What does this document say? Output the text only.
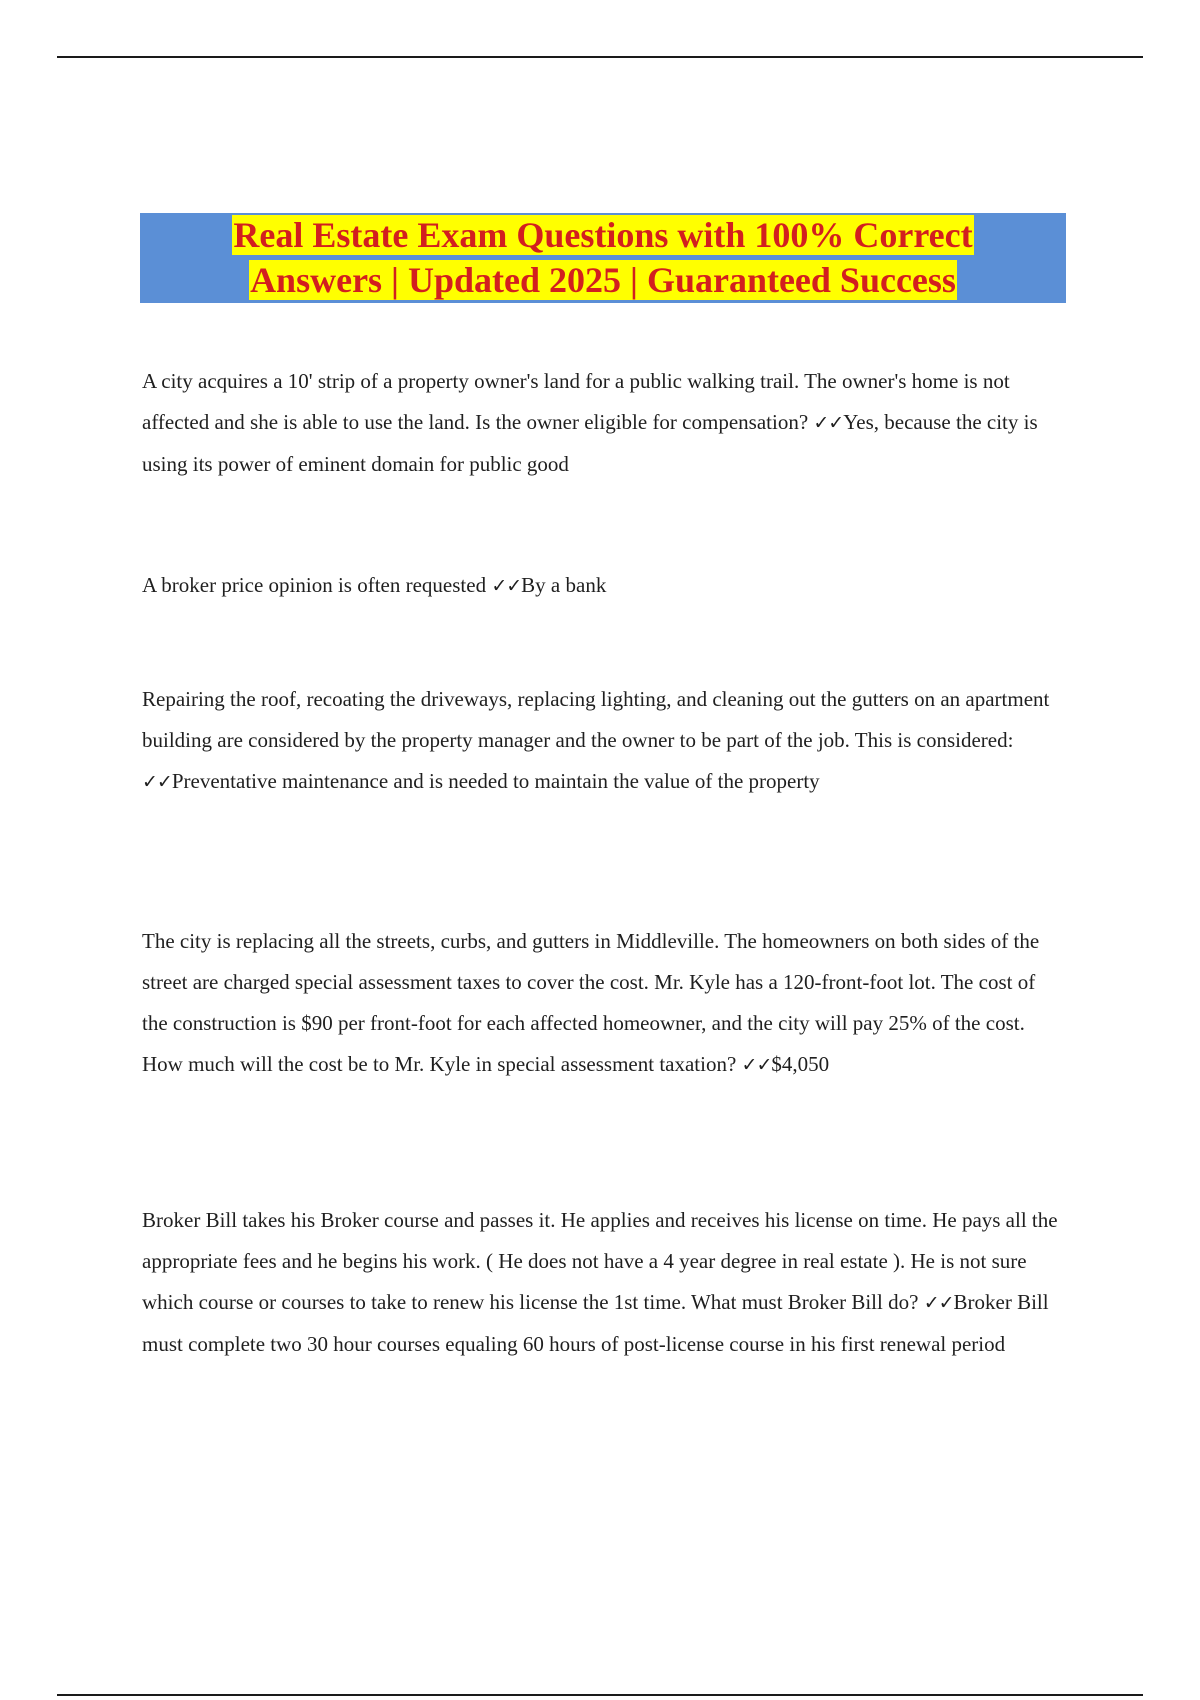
Real Estate Exam Questions with 100% Correct
Answers | Updated 2025 | Guaranteed Success

A city acquires a 10' strip of a property owner's land for a public walking trail. The owner's home is not affected and she is able to use the land. Is the owner eligible for compensation? ✓✓Yes, because the city is using its power of eminent domain for public good

A broker price opinion is often requested ✓✓By a bank

Repairing the roof, recoating the driveways, replacing lighting, and cleaning out the gutters on an apartment building are considered by the property manager and the owner to be part of the job. This is considered: ✓✓Preventative maintenance and is needed to maintain the value of the property

The city is replacing all the streets, curbs, and gutters in Middleville. The homeowners on both sides of the street are charged special assessment taxes to cover the cost. Mr. Kyle has a 120-front-foot lot. The cost of the construction is $90 per front-foot for each affected homeowner, and the city will pay 25% of the cost. How much will the cost be to Mr. Kyle in special assessment taxation? ✓✓$4,050

Broker Bill takes his Broker course and passes it. He applies and receives his license on time. He pays all the appropriate fees and he begins his work. ( He does not have a 4 year degree in real estate ). He is not sure which course or courses to take to renew his license the 1st time. What must Broker Bill do? ✓✓Broker Bill must complete two 30 hour courses equaling 60 hours of post-license course in his first renewal period
